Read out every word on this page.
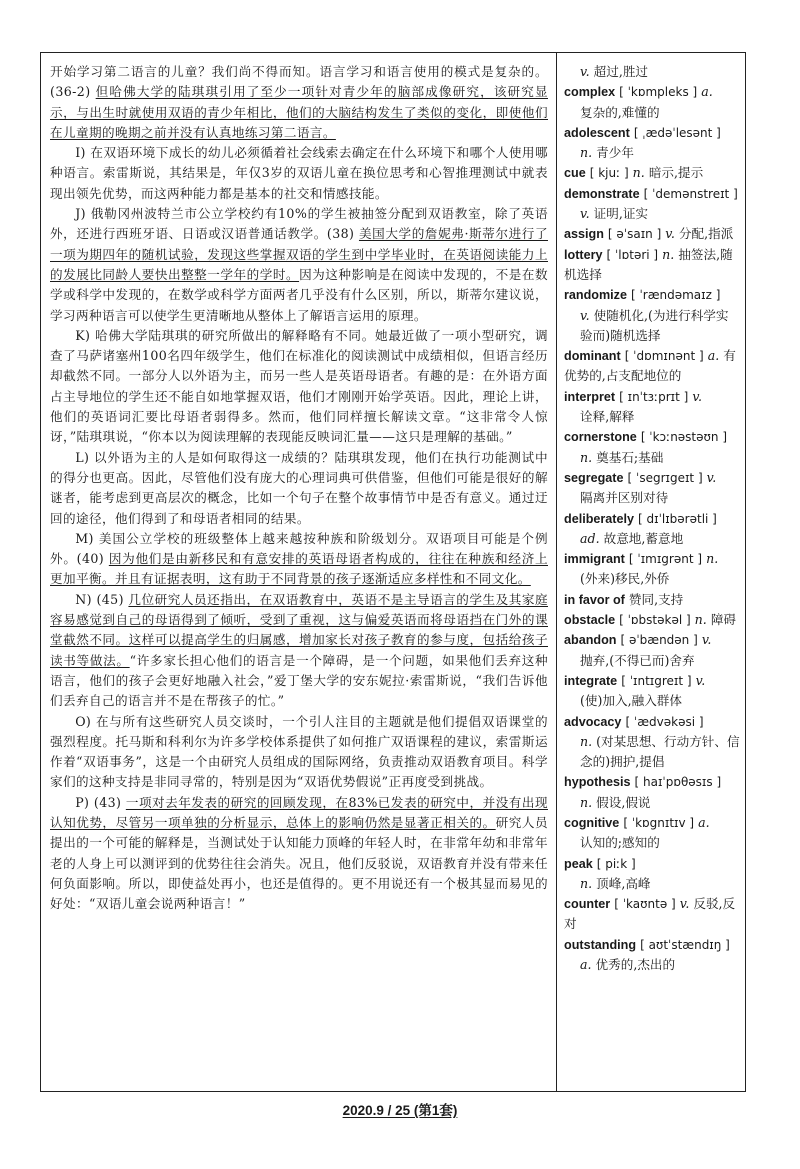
开始学习第二语言的儿童？我们尚不得而知。语言学习和语言使用的模式是复杂的。(36-2) 但哈佛大学的陆琪琪引用了至少一项针对青少年的脑部成像研究，该研究显示，与出生时就使用双语的青少年相比，他们的大脑结构发生了类似的变化，即使他们在儿童期的晚期之前并没有认真地练习第二语言。

I) 在双语环境下成长的幼儿必须循着社会线索去确定在什么环境下和哪个人使用哪种语言。索雷斯说，其结果是，年仅3岁的双语儿童在换位思考和心智推理测试中就表现出领先优势，而这两种能力都是基本的社交和情感技能。

J) 俄勒冈州波特兰市公立学校约有10%的学生被抽签分配到双语教室，除了英语外，还进行西班牙语、日语或汉语普通话教学。(38) 美国大学的詹妮弗·斯蒂尔进行了一项为期四年的随机试验，发现这些掌握双语的学生到中学毕业时，在英语阅读能力上的发展比同龄人要快出整整一学年的学时。因为这种影响是在阅读中发现的，不是在数学或科学中发现的，在数学或科学方面两者几乎没有什么区别，所以，斯蒂尔建议说，学习两种语言可以使学生更清晰地从整体上了解语言运用的原理。

K) 哈佛大学陆琪琪的研究所做出的解释略有不同。她最近做了一项小型研究，调查了马萨诸塞州100名四年级学生，他们在标准化的阅读测试中成绩相似，但语言经历却截然不同。一部分人以外语为主，而另一些人是英语母语者。有趣的是：在外语方面占主导地位的学生还不能自如地掌握双语，他们才刚刚开始学英语。因此，理论上讲，他们的英语词汇要比母语者弱得多。然而，他们同样擅长解读文章。“这非常令人惊讶，”陆琪琪说，“你本以为阅读理解的表现能反映词汇量——这只是理解的基础。”

L) 以外语为主的人是如何取得这一成绩的？陆琪琪发现，他们在执行功能测试中的得分也更高。因此，尽管他们没有庞大的心理词典可供借鉴，但他们可能是很好的解谜者，能考虑到更高层次的概念，比如一个句子在整个故事情节中是否有意义。通过迂回的途径，他们得到了和母语者相同的结果。

M) 美国公立学校的班级整体上越来越按种族和阶级划分。双语项目可能是个例外。(40) 因为他们是由新移民和有意安排的英语母语者构成的，往往在种族和经济上更加平衡。并且有证据表明，这有助于不同背景的孩子逐渐适应多样性和不同文化。

N) (45) 几位研究人员还指出，在双语教育中，英语不是主导语言的学生及其家庭容易感觉到自己的母语得到了倾听，受到了重视，这与偏爱英语而将母语挡在门外的课堂截然不同。这样可以提高学生的归属感，增加家长对孩子教育的参与度，包括给孩子读书等做法。“许多家长担心他们的语言是一个障碍，是一个问题，如果他们丢弃这种语言，他们的孩子会更好地融入社会，”爱丁堡大学的安东妮拉·索雷斯说，“我们告诉他们丢弃自己的语言并不是在帮孩子的忙。”

O) 在与所有这些研究人员交谈时，一个引人注目的主题就是他们提倡双语课堂的强烈程度。托马斯和科利尔为许多学校体系提供了如何推广双语课程的建议，索雷斯运作着“双语事务”，这是一个由研究人员组成的国际网络，负责推动双语教育项目。科学家们的这种支持是非同寻常的，特别是因为“双语优势假说”正再度受到挑战。

P) (43) 一项对去年发表的研究的回顾发现，在83%已发表的研究中，并没有出现认知优势，尽管另一项单独的分析显示，总体上的影响仍然是显著正相关的。研究人员提出的一个可能的解释是，当测试处于认知能力顶峰的年轻人时，在非常年幼和非常年老的人身上可以测评到的优势往往会消失。况且，他们反驳说，双语教育并没有带来任何负面影响。所以，即使益处再小，也还是值得的。更不用说还有一个极其显而易见的好处：“双语儿童会说两种语言！”

v. 超过,胜过
complex [ ˈkɒmpleks ] a.
复杂的,难懂的
adolescent [ ˌædəˈlesənt ]
n. 青少年
cue [ kjuː ] n. 暗示,提示
demonstrate [ ˈdemənstreɪt ]
v. 证明,证实
assign [ əˈsaɪn ] v. 分配,指派
lottery [ ˈlɒtəri ] n. 抽签法,随机选择
randomize [ ˈrændəmaɪz ]
v. 使随机化,(为进行科学实验而)随机选择
dominant [ ˈdɒmɪnənt ] a. 有优势的,占支配地位的
interpret [ ɪnˈtɜːprɪt ] v.
诠释,解释
cornerstone [ ˈkɔːnəstəʊn ]
n. 奠基石;基础
segregate [ ˈsegrɪgeɪt ] v.
隔离并区别对待
deliberately [ dɪˈlɪbərətli ]
ad. 故意地,蓄意地
immigrant [ ˈɪmɪgrənt ] n.
(外来)移民,外侨
in favor of 赞同,支持
obstacle [ ˈɒbstəkəl ] n. 障碍
abandon [ əˈbændən ] v.
抛弃,(不得已而)舍弃
integrate [ ˈɪntɪgreɪt ] v.
(使)加入,融入群体
advocacy [ ˈædvəkəsi ]
n. (对某思想、行动方针、信念的)拥护,提倡
hypothesis [ haɪˈpɒθəsɪs ]
n. 假设,假说
cognitive [ ˈkɒgnɪtɪv ] a.
认知的;感知的
peak [ piːk ]
n. 顶峰,高峰
counter [ ˈkaʊntə ] v. 反驳,反对
outstanding [ aʊtˈstændɪŋ ]
a. 优秀的,杰出的
2020.9 / 25 (第1套)
